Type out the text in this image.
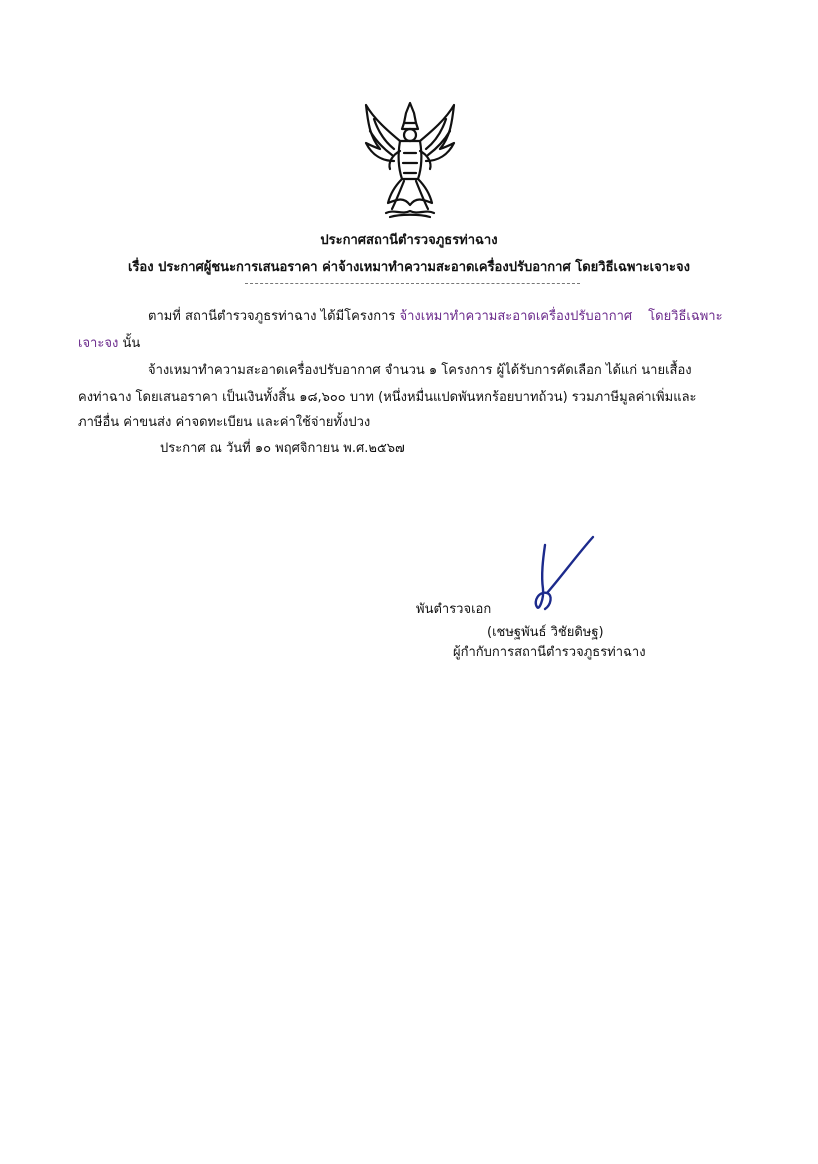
ประกาศสถานีตำรวจภูธรท่าฉาง
เรื่อง ประกาศผู้ชนะการเสนอราคา ค่าจ้างเหมาทำความสะอาดเครื่องปรับอากาศ โดยวิธีเฉพาะเจาะจง
ตามที่ สถานีตำรวจภูธรท่าฉาง ได้มีโครงการ จ้างเหมาทำความสะอาดเครื่องปรับอากาศ โดยวิธีเฉพาะ
เจาะจง นั้น
จ้างเหมาทำความสะอาดเครื่องปรับอากาศ จำนวน ๑ โครงการ ผู้ได้รับการคัดเลือก ได้แก่ นายเสื้อง
คงท่าฉาง โดยเสนอราคา เป็นเงินทั้งสิ้น ๑๘,๖๐๐ บาท (หนึ่งหมื่นแปดพันหกร้อยบาทถ้วน) รวมภาษีมูลค่าเพิ่มและ
ภาษีอื่น ค่าขนส่ง ค่าจดทะเบียน และค่าใช้จ่ายทั้งปวง
ประกาศ ณ วันที่ ๑๐ พฤศจิกายน พ.ศ.๒๕๖๗
พันตำรวจเอก
(เชษฐพันธ์ วิชัยดิษฐ)
ผู้กำกับการสถานีตำรวจภูธรท่าฉาง
